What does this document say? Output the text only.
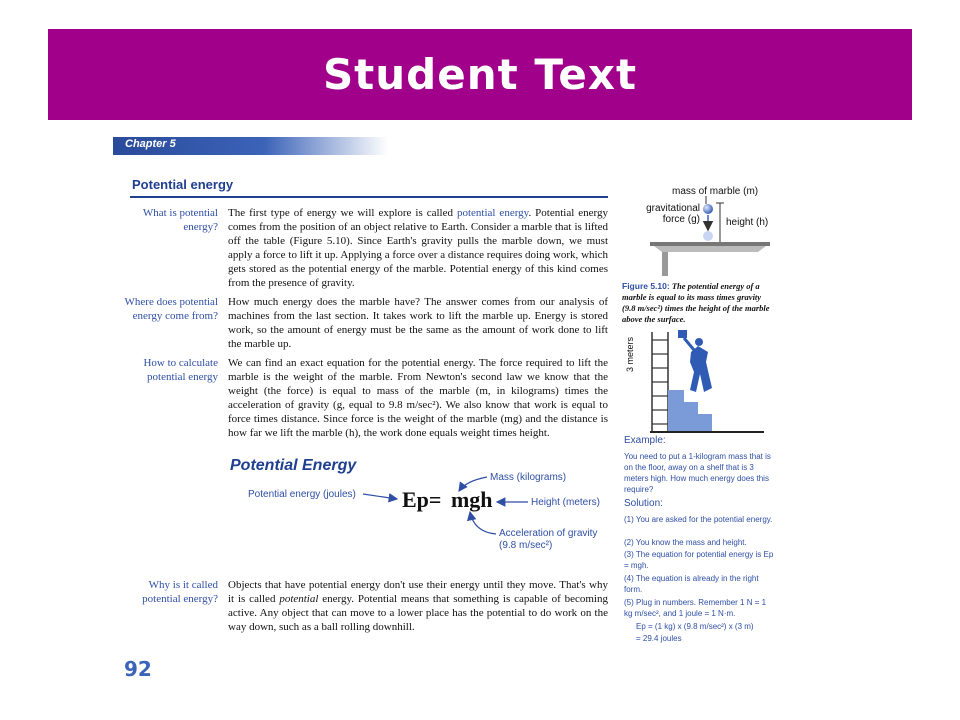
Student Text
Chapter 5
Potential energy
What is potential energy?
The first type of energy we will explore is called potential energy. Potential energy comes from the position of an object relative to Earth. Consider a marble that is lifted off the table (Figure 5.10). Since Earth's gravity pulls the marble down, we must apply a force to lift it up. Applying a force over a distance requires doing work, which gets stored as the potential energy of the marble. Potential energy of this kind comes from the presence of gravity.
Where does potential energy come from?
How much energy does the marble have? The answer comes from our analysis of machines from the last section. It takes work to lift the marble up. Energy is stored work, so the amount of energy must be the same as the amount of work done to lift the marble up.
How to calculate potential energy
We can find an exact equation for the potential energy. The force required to lift the marble is the weight of the marble. From Newton's second law we know that the weight (the force) is equal to mass of the marble (m, in kilograms) times the acceleration of gravity (g, equal to 9.8 m/sec²). We also know that work is equal to force times distance. Since force is the weight of the marble (mg) and the distance is how far we lift the marble (h), the work done equals weight times height.
Potential Energy
Potential energy (joules) Ep= mgh
Mass (kilograms)
Height (meters)
Acceleration of gravity
(9.8 m/sec²)
Why is it called potential energy?
Objects that have potential energy don't use their energy until they move. That's why it is called potential energy. Potential means that something is capable of becoming active. Any object that can move to a lower place has the potential to do work on the way down, such as a ball rolling downhill.
mass of marble (m)
gravitational
force (g)	height (h)
Figure 5.10: The potential energy of a marble is equal to its mass times gravity (9.8 m/sec²) times the height of the marble above the surface.
3 meters
Example:
You need to put a 1-kilogram mass that is on the floor, away on a shelf that is 3 meters high. How much energy does this require?
Solution:
(1) You are asked for the potential energy.
(2) You know the mass and height.
(3) The equation for potential energy is Ep = mgh.
(4) The equation is already in the right form.
(5) Plug in numbers. Remember 1 N = 1 kg m/sec², and 1 joule = 1 N·m.
Ep = (1 kg) x (9.8 m/sec²) x (3 m)
= 29.4 joules
92
